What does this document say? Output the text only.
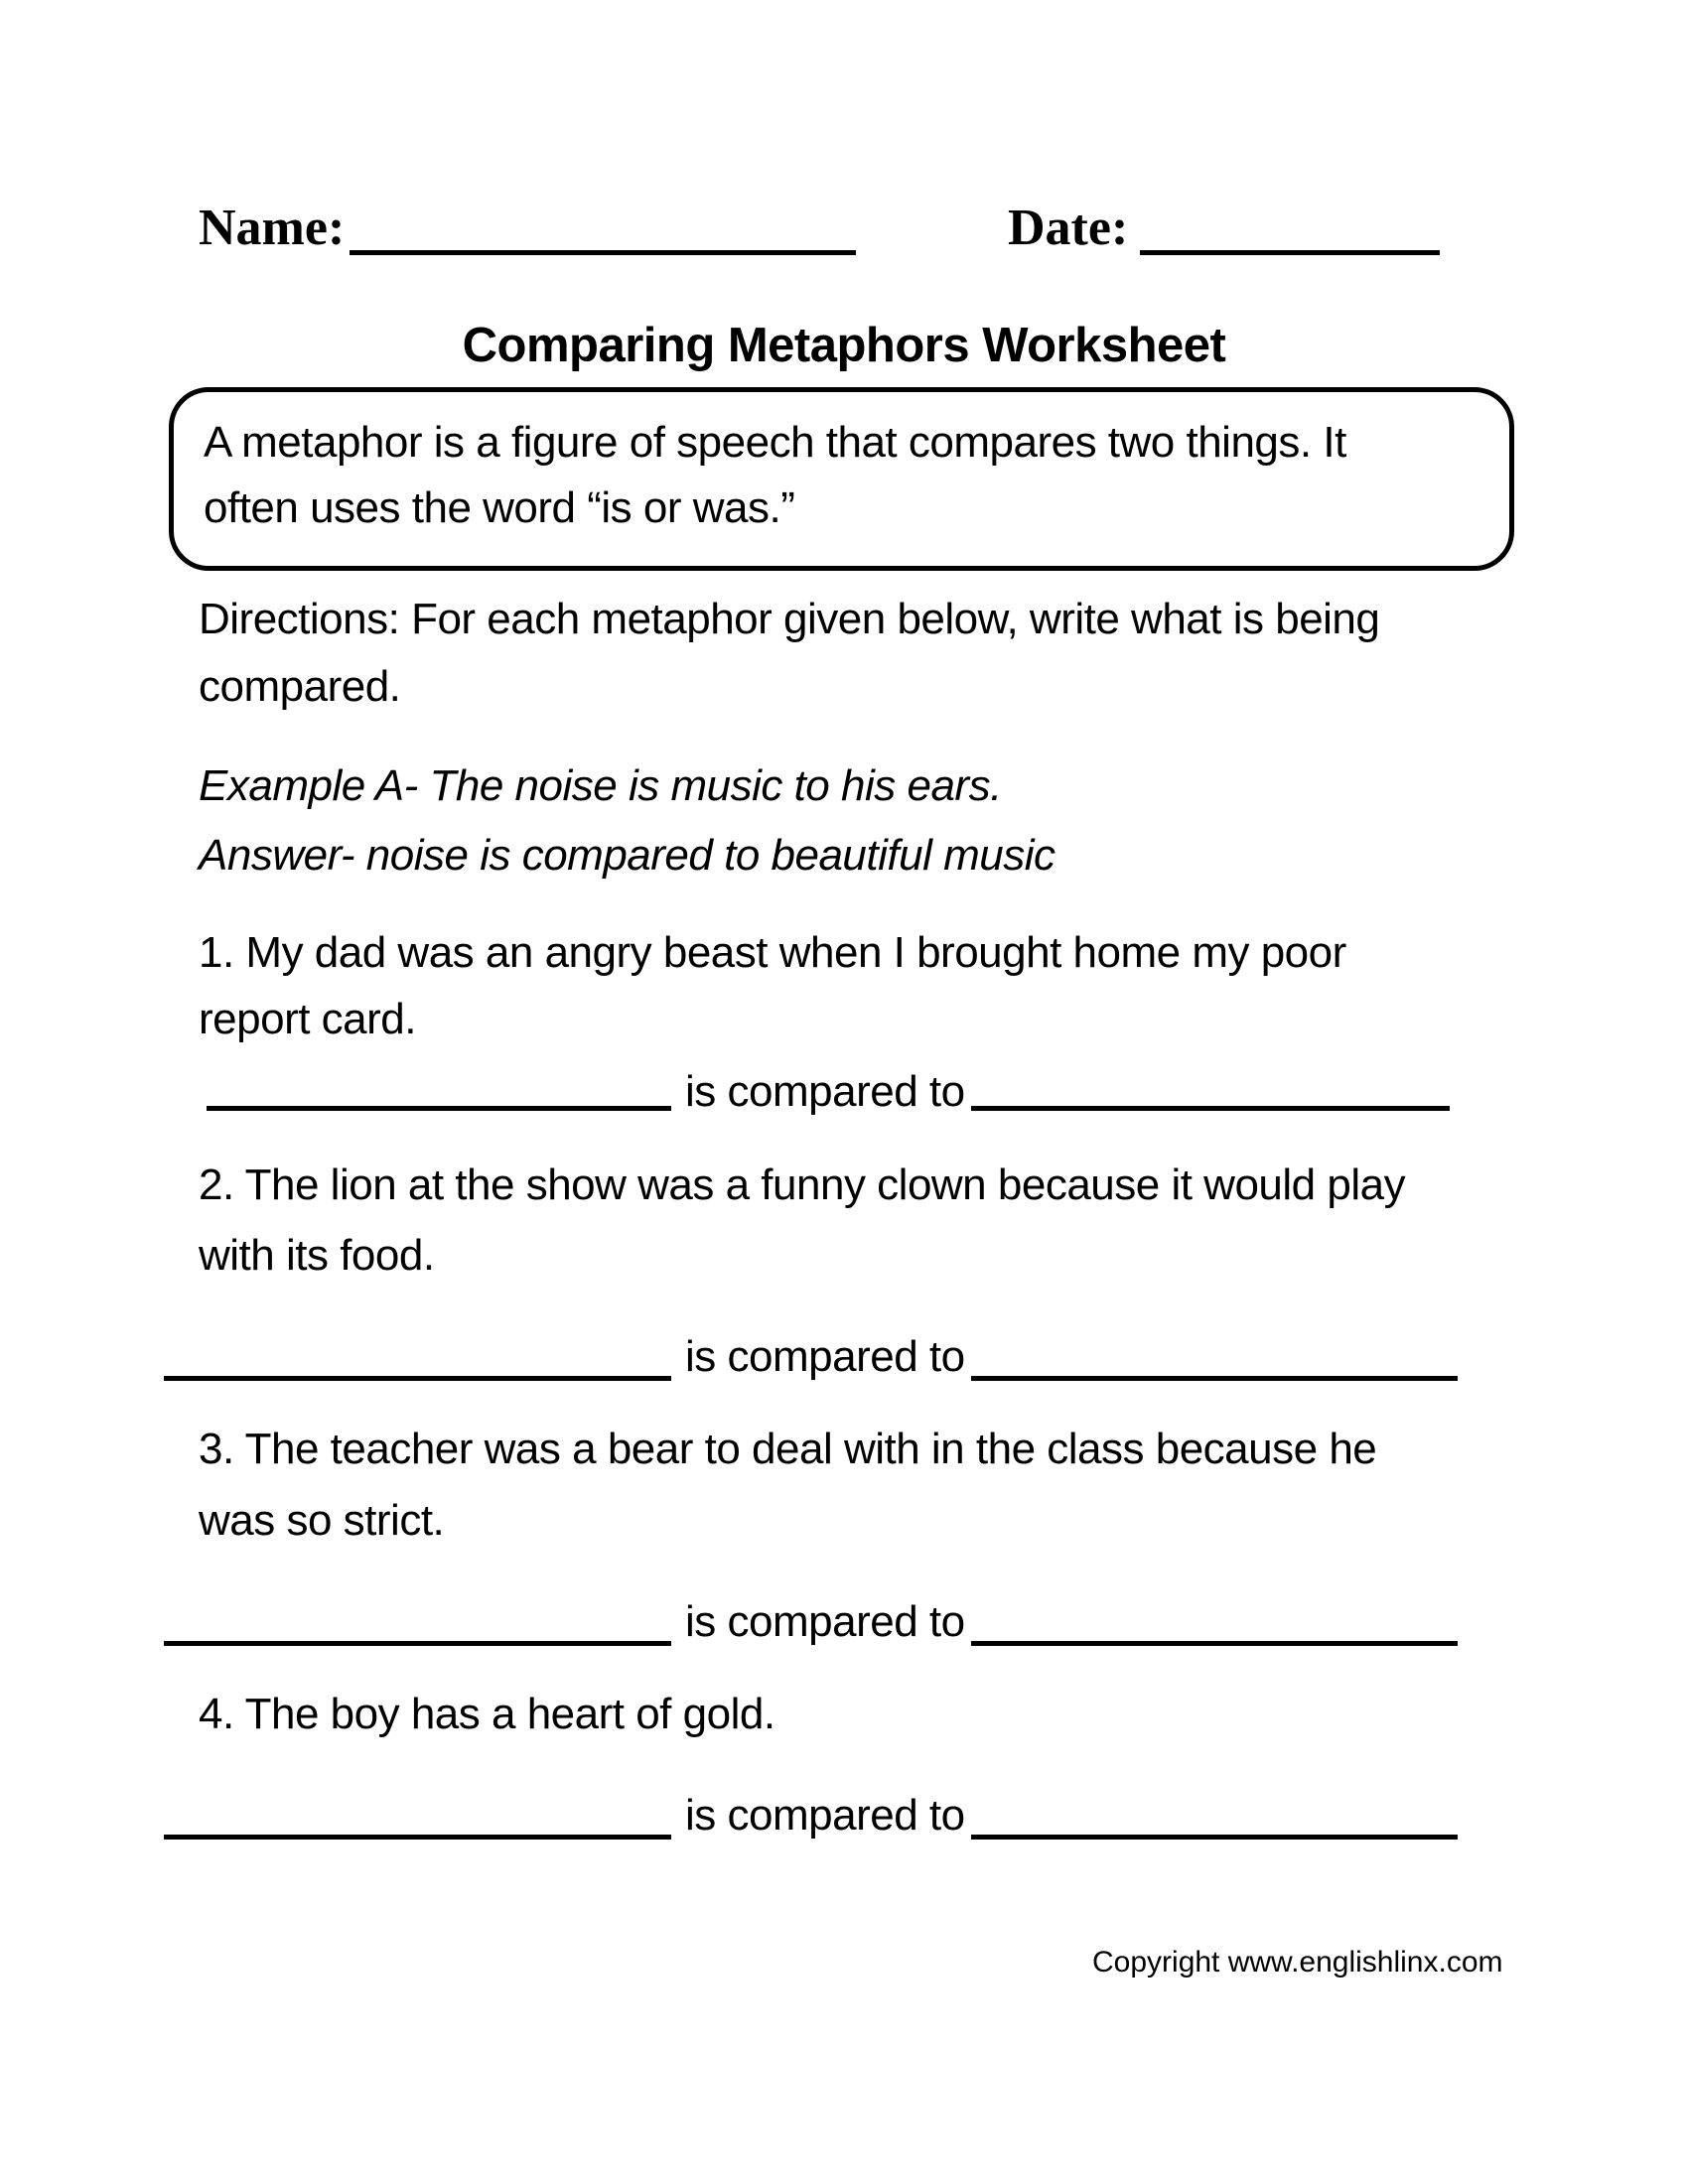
Name:	Date:
Comparing Metaphors Worksheet
A metaphor is a figure of speech that compares two things. It
often uses the word “is or was.”
Directions: For each metaphor given below, write what is being
compared.
Example A- The noise is music to his ears.
Answer- noise is compared to beautiful music
1. My dad was an angry beast when I brought home my poor
report card.
is compared to
2. The lion at the show was a funny clown because it would play
with its food.
is compared to
3. The teacher was a bear to deal with in the class because he
was so strict.
is compared to
4. The boy has a heart of gold.
is compared to
Copyright www.englishlinx.com
